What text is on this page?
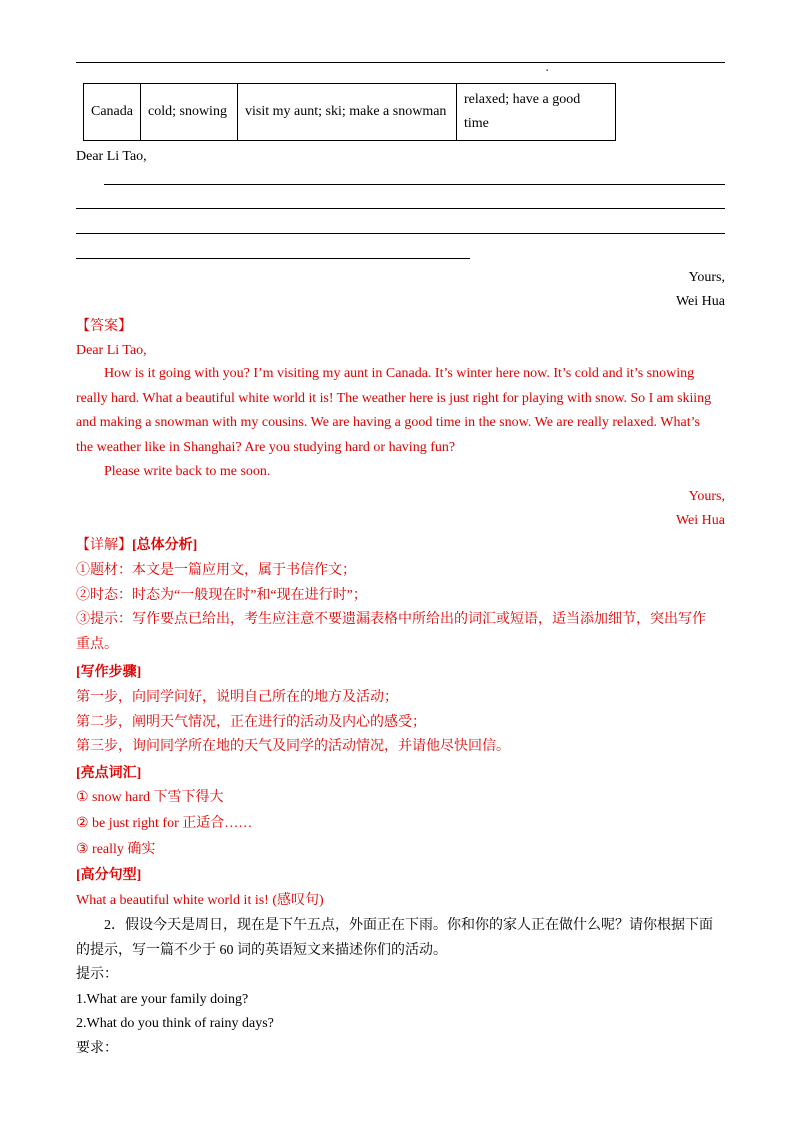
▪
Canada	cold; snowing	visit my aunt; ski; make a snowman	relaxed; have a good time
Dear Li Tao,
Yours,
Wei Hua
【答案】
Dear Li Tao,
How is it going with you? I’m visiting my aunt in Canada. It’s winter here now. It’s cold and it’s snowing
really hard. What a beautiful white world it is! The weather here is just right for playing with snow. So I am skiing
and making a snowman with my cousins. We are having a good time in the snow. We are really relaxed. What’s
the weather like in Shanghai? Are you studying hard or having fun?
Please write back to me soon.
Yours,
Wei Hua
【详解】[总体分析]
①题材：本文是一篇应用文，属于书信作文；
②时态：时态为“一般现在时”和“现在进行时”；
③提示：写作要点已给出，考生应注意不要遗漏表格中所给出的词汇或短语，适当添加细节，突出写作
重点。
[写作步骤]
第一步，向同学问好，说明自己所在的地方及活动；
第二步，阐明天气情况，正在进行的活动及内心的感受；
第三步，询问同学所在地的天气及同学的活动情况，并请他尽快回信。
[亮点词汇]
① snow hard 下雪下得大
② be just right for 正适合……
③ really 确实
[高分句型]
What a beautiful white world it is! (感叹句)
2．假设今天是周日，现在是下午五点，外面正在下雨。你和你的家人正在做什么呢？请你根据下面
的提示，写一篇不少于 60 词的英语短文来描述你们的活动。
提示：
1.What are your family doing?
2.What do you think of rainy days?
要求：
